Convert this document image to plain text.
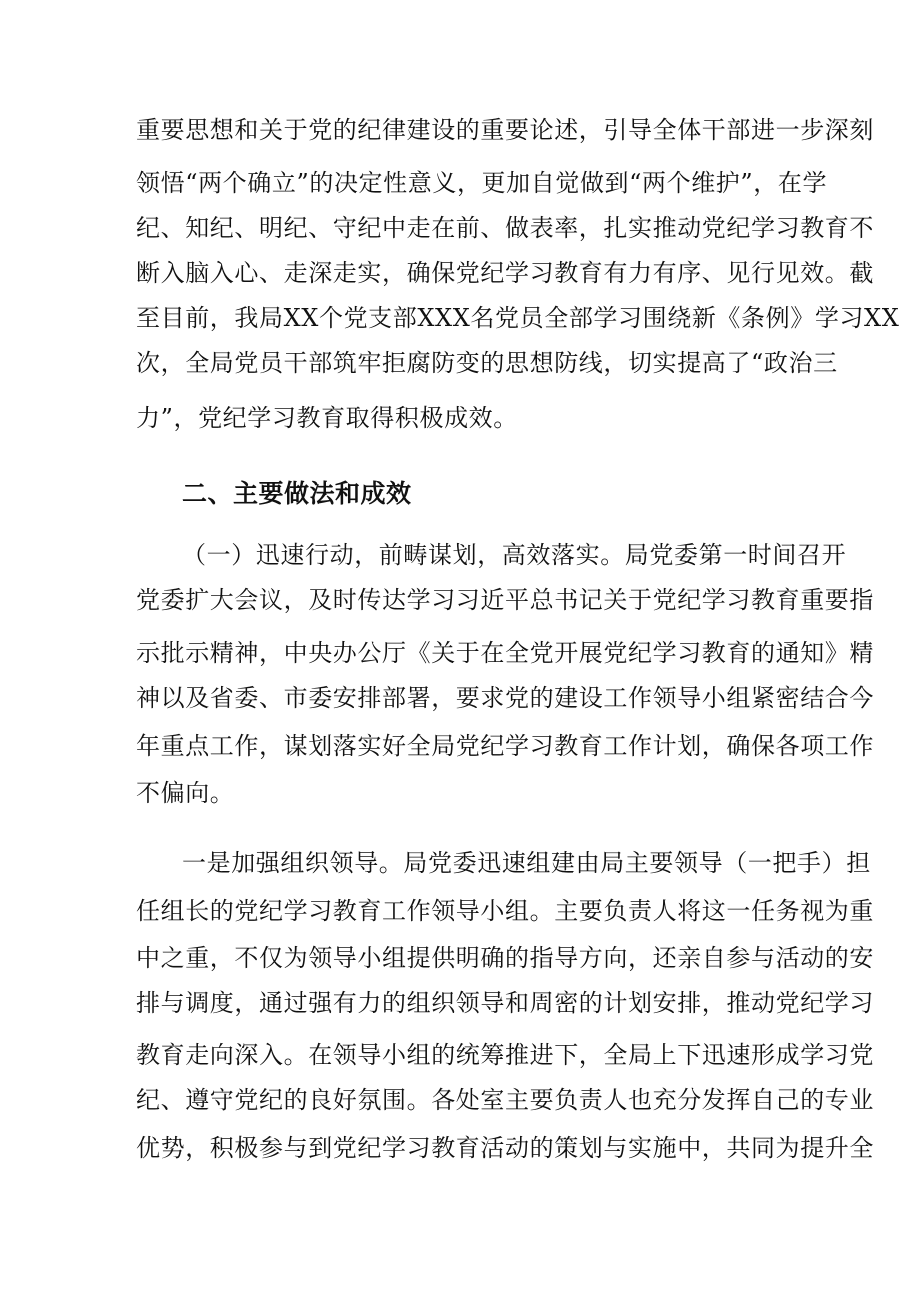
重要思想和关于党的纪律建设的重要论述，引导全体干部进一步深刻
领悟“两个确立”的决定性意义，更加自觉做到“两个维护”，在学
纪、知纪、明纪、守纪中走在前、做表率，扎实推动党纪学习教育不
断入脑入心、走深走实，确保党纪学习教育有力有序、见行见效。截
至目前，我局XX个党支部XXX名党员全部学习围绕新《条例》学习XX
次，全局党员干部筑牢拒腐防变的思想防线，切实提高了“政治三
力”，党纪学习教育取得积极成效。
二、主要做法和成效
（一）迅速行动，前畴谋划，高效落实。局党委第一时间召开
党委扩大会议，及时传达学习习近平总书记关于党纪学习教育重要指
示批示精神，中央办公厅《关于在全党开展党纪学习教育的通知》精
神以及省委、市委安排部署，要求党的建设工作领导小组紧密结合今
年重点工作，谋划落实好全局党纪学习教育工作计划，确保各项工作
不偏向。
一是加强组织领导。局党委迅速组建由局主要领导（一把手）担
任组长的党纪学习教育工作领导小组。主要负责人将这一任务视为重
中之重，不仅为领导小组提供明确的指导方向，还亲自参与活动的安
排与调度，通过强有力的组织领导和周密的计划安排，推动党纪学习
教育走向深入。在领导小组的统筹推进下，全局上下迅速形成学习党
纪、遵守党纪的良好氛围。各处室主要负责人也充分发挥自己的专业
优势，积极参与到党纪学习教育活动的策划与实施中，共同为提升全
